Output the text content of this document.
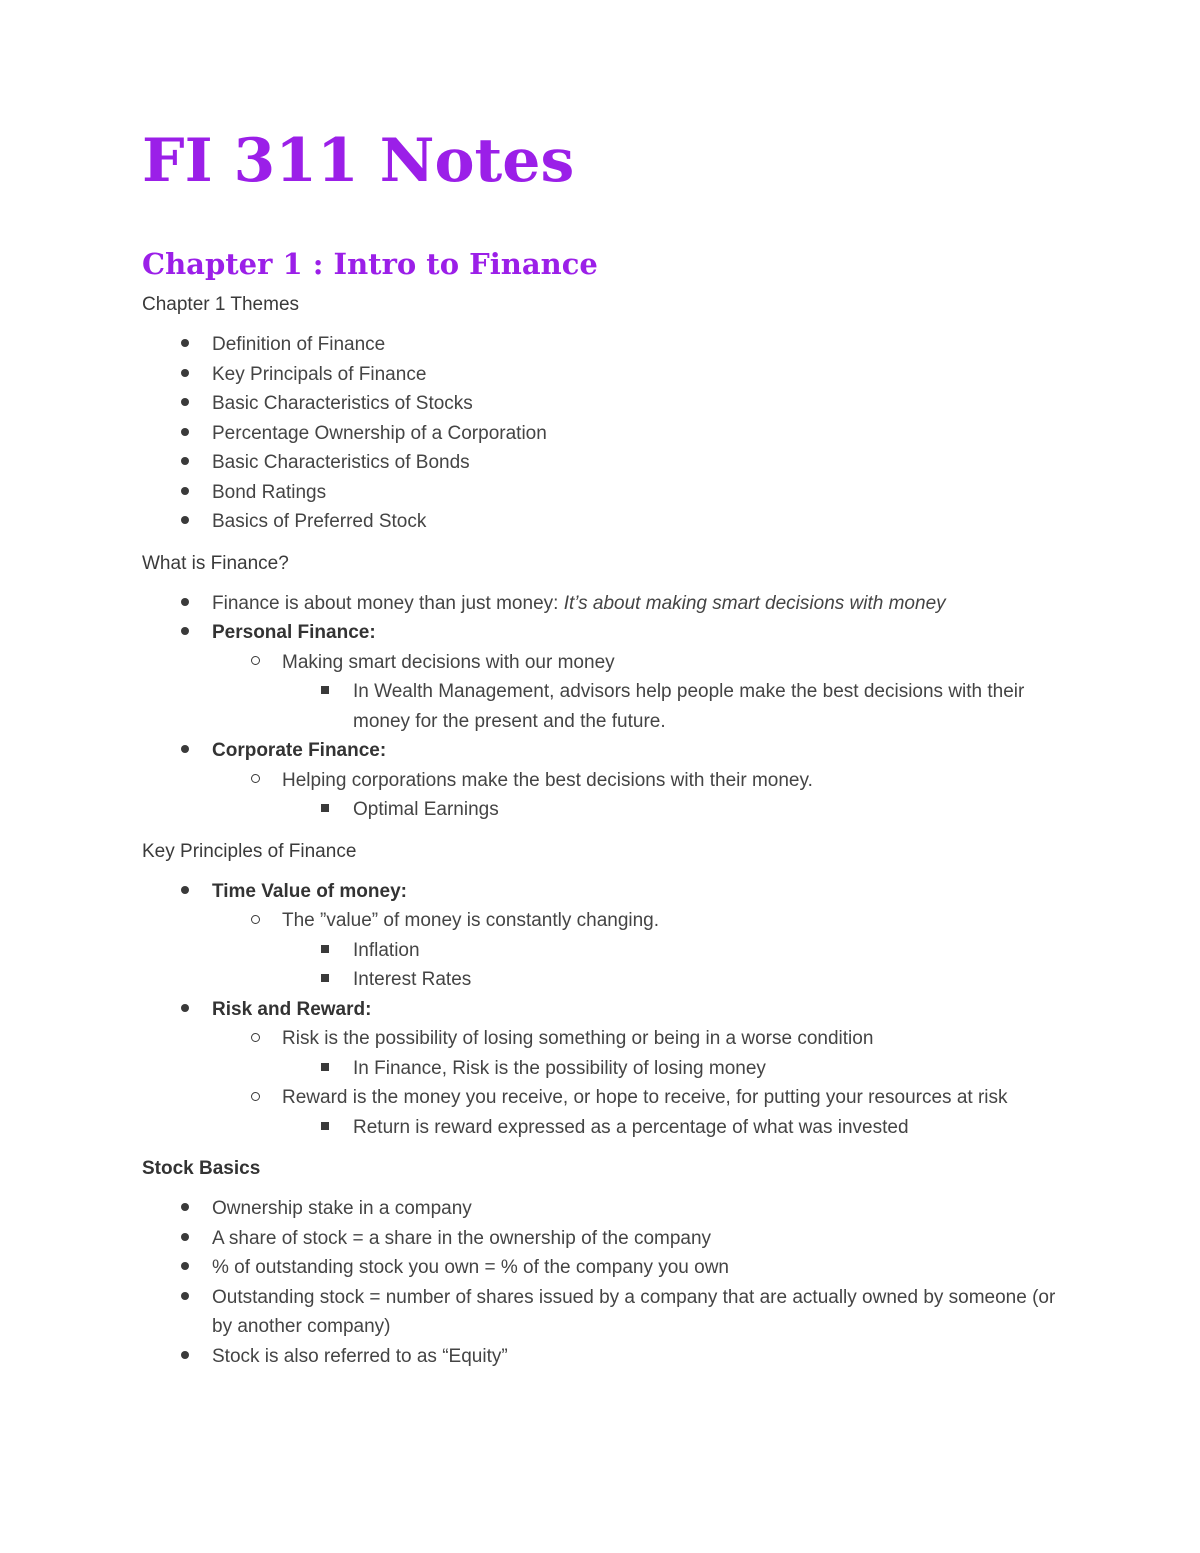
FI 311 Notes
Chapter 1 : Intro to Finance

Chapter 1 Themes

Definition of Finance
Key Principals of Finance
Basic Characteristics of Stocks
Percentage Ownership of a Corporation
Basic Characteristics of Bonds
Bond Ratings
Basics of Preferred Stock

What is Finance?

Finance is about money than just money: It’s about making smart decisions with money
Personal Finance:
Making smart decisions with our money
In Wealth Management, advisors help people make the best decisions with their money for the present and the future.
Corporate Finance:
Helping corporations make the best decisions with their money.
Optimal Earnings

Key Principles of Finance

Time Value of money:
The ”value” of money is constantly changing.
Inflation
Interest Rates
Risk and Reward:
Risk is the possibility of losing something or being in a worse condition
In Finance, Risk is the possibility of losing money
Reward is the money you receive, or hope to receive, for putting your resources at risk
Return is reward expressed as a percentage of what was invested

Stock Basics

Ownership stake in a company
A share of stock = a share in the ownership of the company
% of outstanding stock you own = % of the company you own
Outstanding stock = number of shares issued by a company that are actually owned by someone (or by another company)
Stock is also referred to as “Equity”
